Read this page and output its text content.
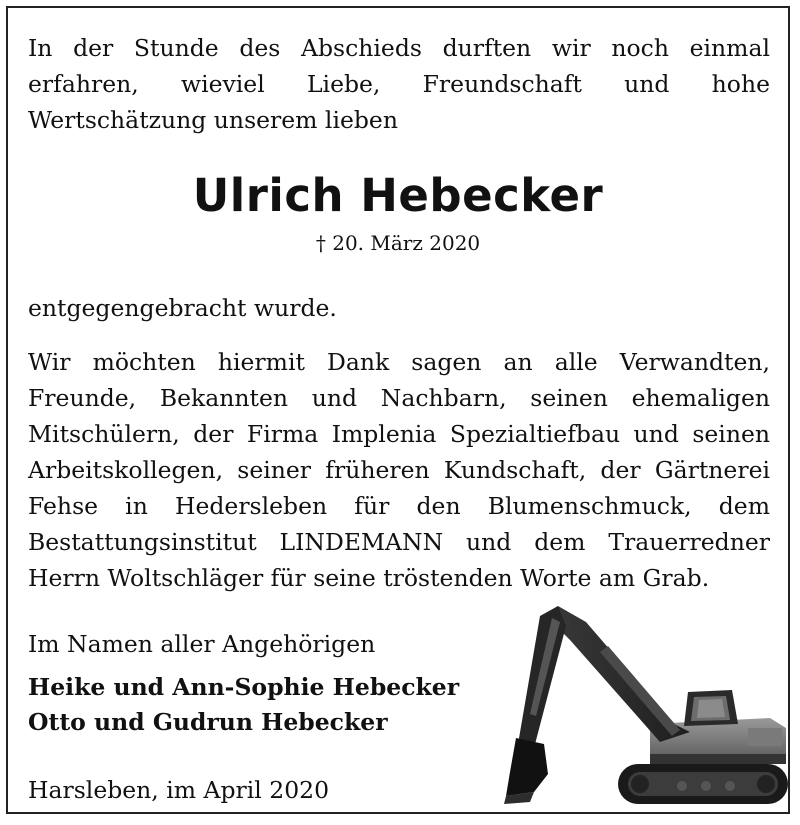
In der Stunde des Abschieds durften wir noch einmal erfahren, wieviel Liebe, Freundschaft und hohe Wertschätzung unserem lieben

Ulrich Hebecker
† 20. März 2020

entgegengebracht wurde.

Wir möchten hiermit Dank sagen an alle Verwandten, Freunde, Bekannten und Nachbarn, seinen ehemaligen Mitschülern, der Firma Implenia Spezialtiefbau und seinen Arbeitskollegen, seiner früheren Kundschaft, der Gärtnerei Fehse in Hedersleben für den Blumenschmuck, dem Bestattungsinstitut LINDEMANN und dem Trauerredner Herrn Woltschläger für seine tröstenden Worte am Grab.

Im Namen aller Angehörigen
Heike und Ann-Sophie Hebecker
Otto und Gudrun Hebecker
Harsleben, im April 2020
